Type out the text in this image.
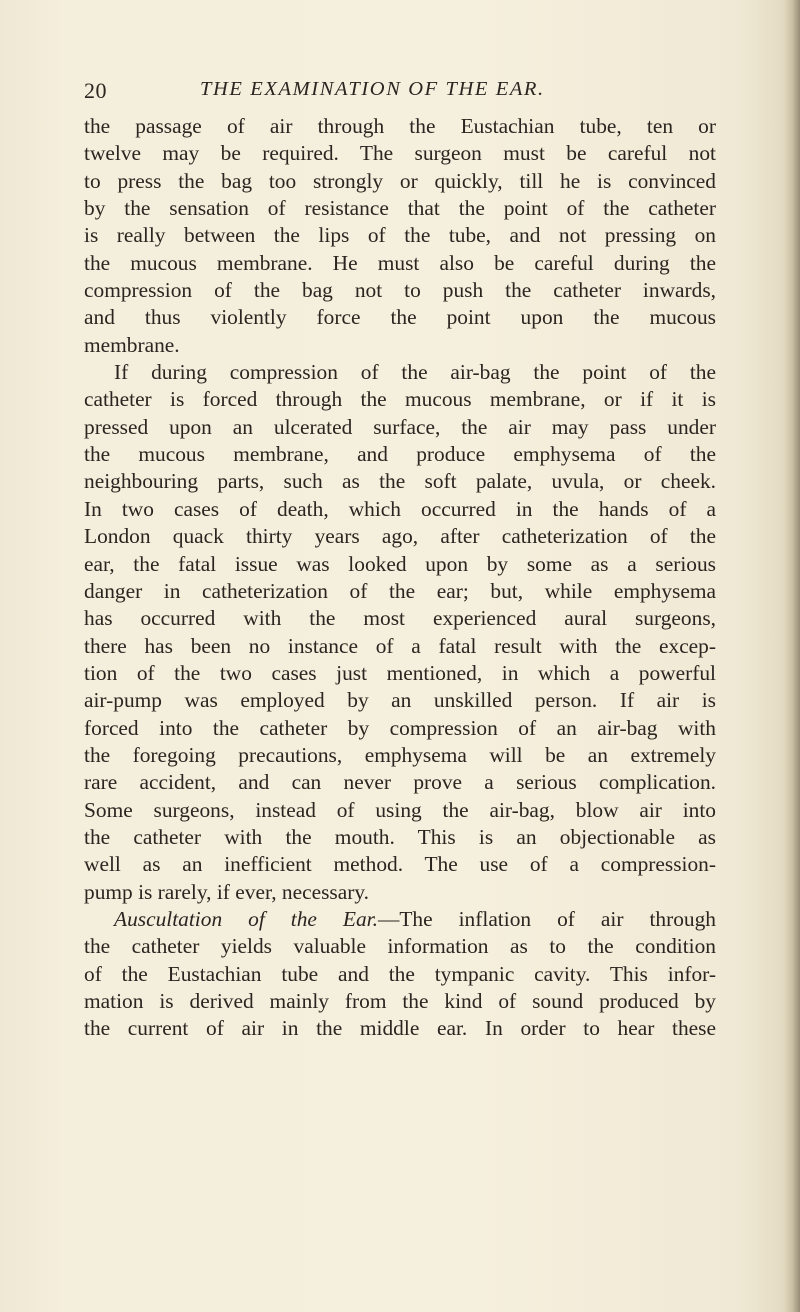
20	THE EXAMINATION OF THE EAR.
the passage of air through the Eustachian tube, ten or
twelve may be required. The surgeon must be careful not
to press the bag too strongly or quickly, till he is convinced
by the sensation of resistance that the point of the catheter
is really between the lips of the tube, and not pressing on
the mucous membrane. He must also be careful during the
compression of the bag not to push the catheter inwards,
and thus violently force the point upon the mucous
membrane.
If during compression of the air-bag the point of the
catheter is forced through the mucous membrane, or if it is
pressed upon an ulcerated surface, the air may pass under
the mucous membrane, and produce emphysema of the
neighbouring parts, such as the soft palate, uvula, or cheek.
In two cases of death, which occurred in the hands of a
London quack thirty years ago, after catheterization of the
ear, the fatal issue was looked upon by some as a serious
danger in catheterization of the ear; but, while emphysema
has occurred with the most experienced aural surgeons,
there has been no instance of a fatal result with the excep-
tion of the two cases just mentioned, in which a powerful
air-pump was employed by an unskilled person. If air is
forced into the catheter by compression of an air-bag with
the foregoing precautions, emphysema will be an extremely
rare accident, and can never prove a serious complication.
Some surgeons, instead of using the air-bag, blow air into
the catheter with the mouth. This is an objectionable as
well as an inefficient method. The use of a compression-
pump is rarely, if ever, necessary.
Auscultation of the Ear.—The inflation of air through
the catheter yields valuable information as to the condition
of the Eustachian tube and the tympanic cavity. This infor-
mation is derived mainly from the kind of sound produced by
the current of air in the middle ear. In order to hear these
